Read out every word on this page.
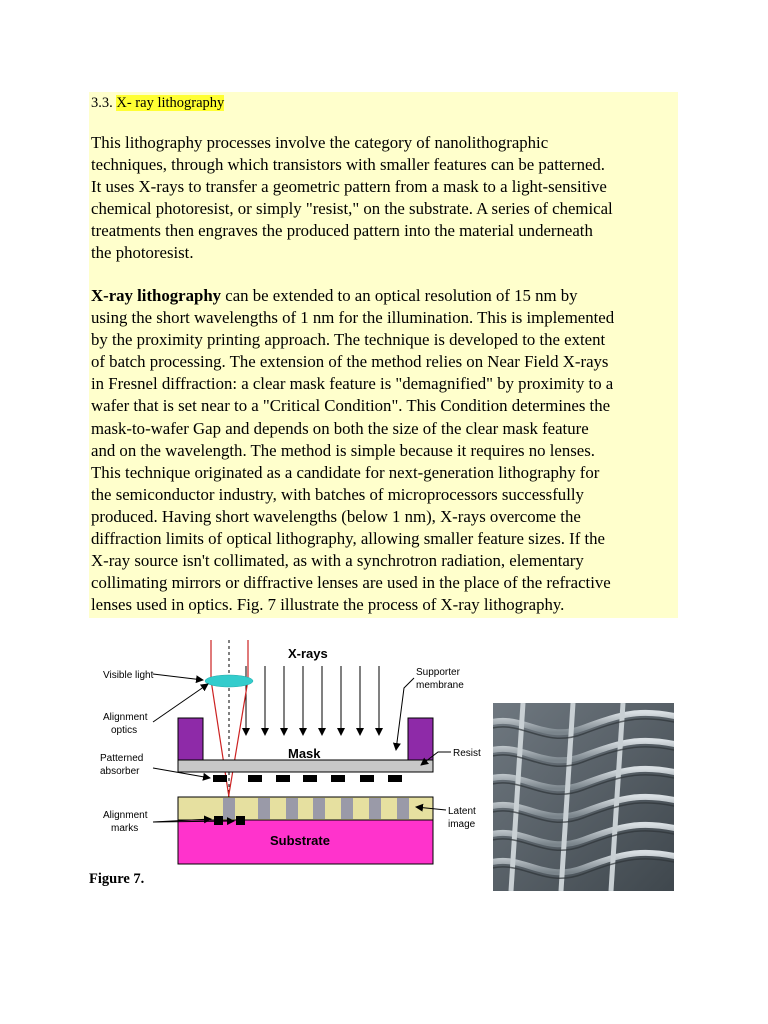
3.3. X- ray lithography
This lithography processes involve the category of nanolithographic
techniques, through which transistors with smaller features can be patterned.
It uses X-rays to transfer a geometric pattern from a mask to a light-sensitive
chemical photoresist, or simply "resist," on the substrate. A series of chemical
treatments then engraves the produced pattern into the material underneath
the photoresist.
X-ray lithography can be extended to an optical resolution of 15 nm by
using the short wavelengths of 1 nm for the illumination. This is implemented
by the proximity printing approach. The technique is developed to the extent
of batch processing. The extension of the method relies on Near Field X-rays
in Fresnel diffraction: a clear mask feature is "demagnified" by proximity to a
wafer that is set near to a "Critical Condition". This Condition determines the
mask-to-wafer Gap and depends on both the size of the clear mask feature
and on the wavelength. The method is simple because it requires no lenses.
This technique originated as a candidate for next-generation lithography for
the semiconductor industry, with batches of microprocessors successfully
produced. Having short wavelengths (below 1 nm), X-rays overcome the
diffraction limits of optical lithography, allowing smaller feature sizes. If the
X-ray source isn't collimated, as with a synchrotron radiation, elementary
collimating mirrors or diffractive lenses are used in the place of the refractive
lenses used in optics. Fig. 7 illustrate the process of X-ray lithography.
X-rays
Mask
Substrate
Visible light
Alignment
optics
Patterned
absorber
Alignment
marks
Supporter
membrane
Resist
Latent
image
Figure 7.
